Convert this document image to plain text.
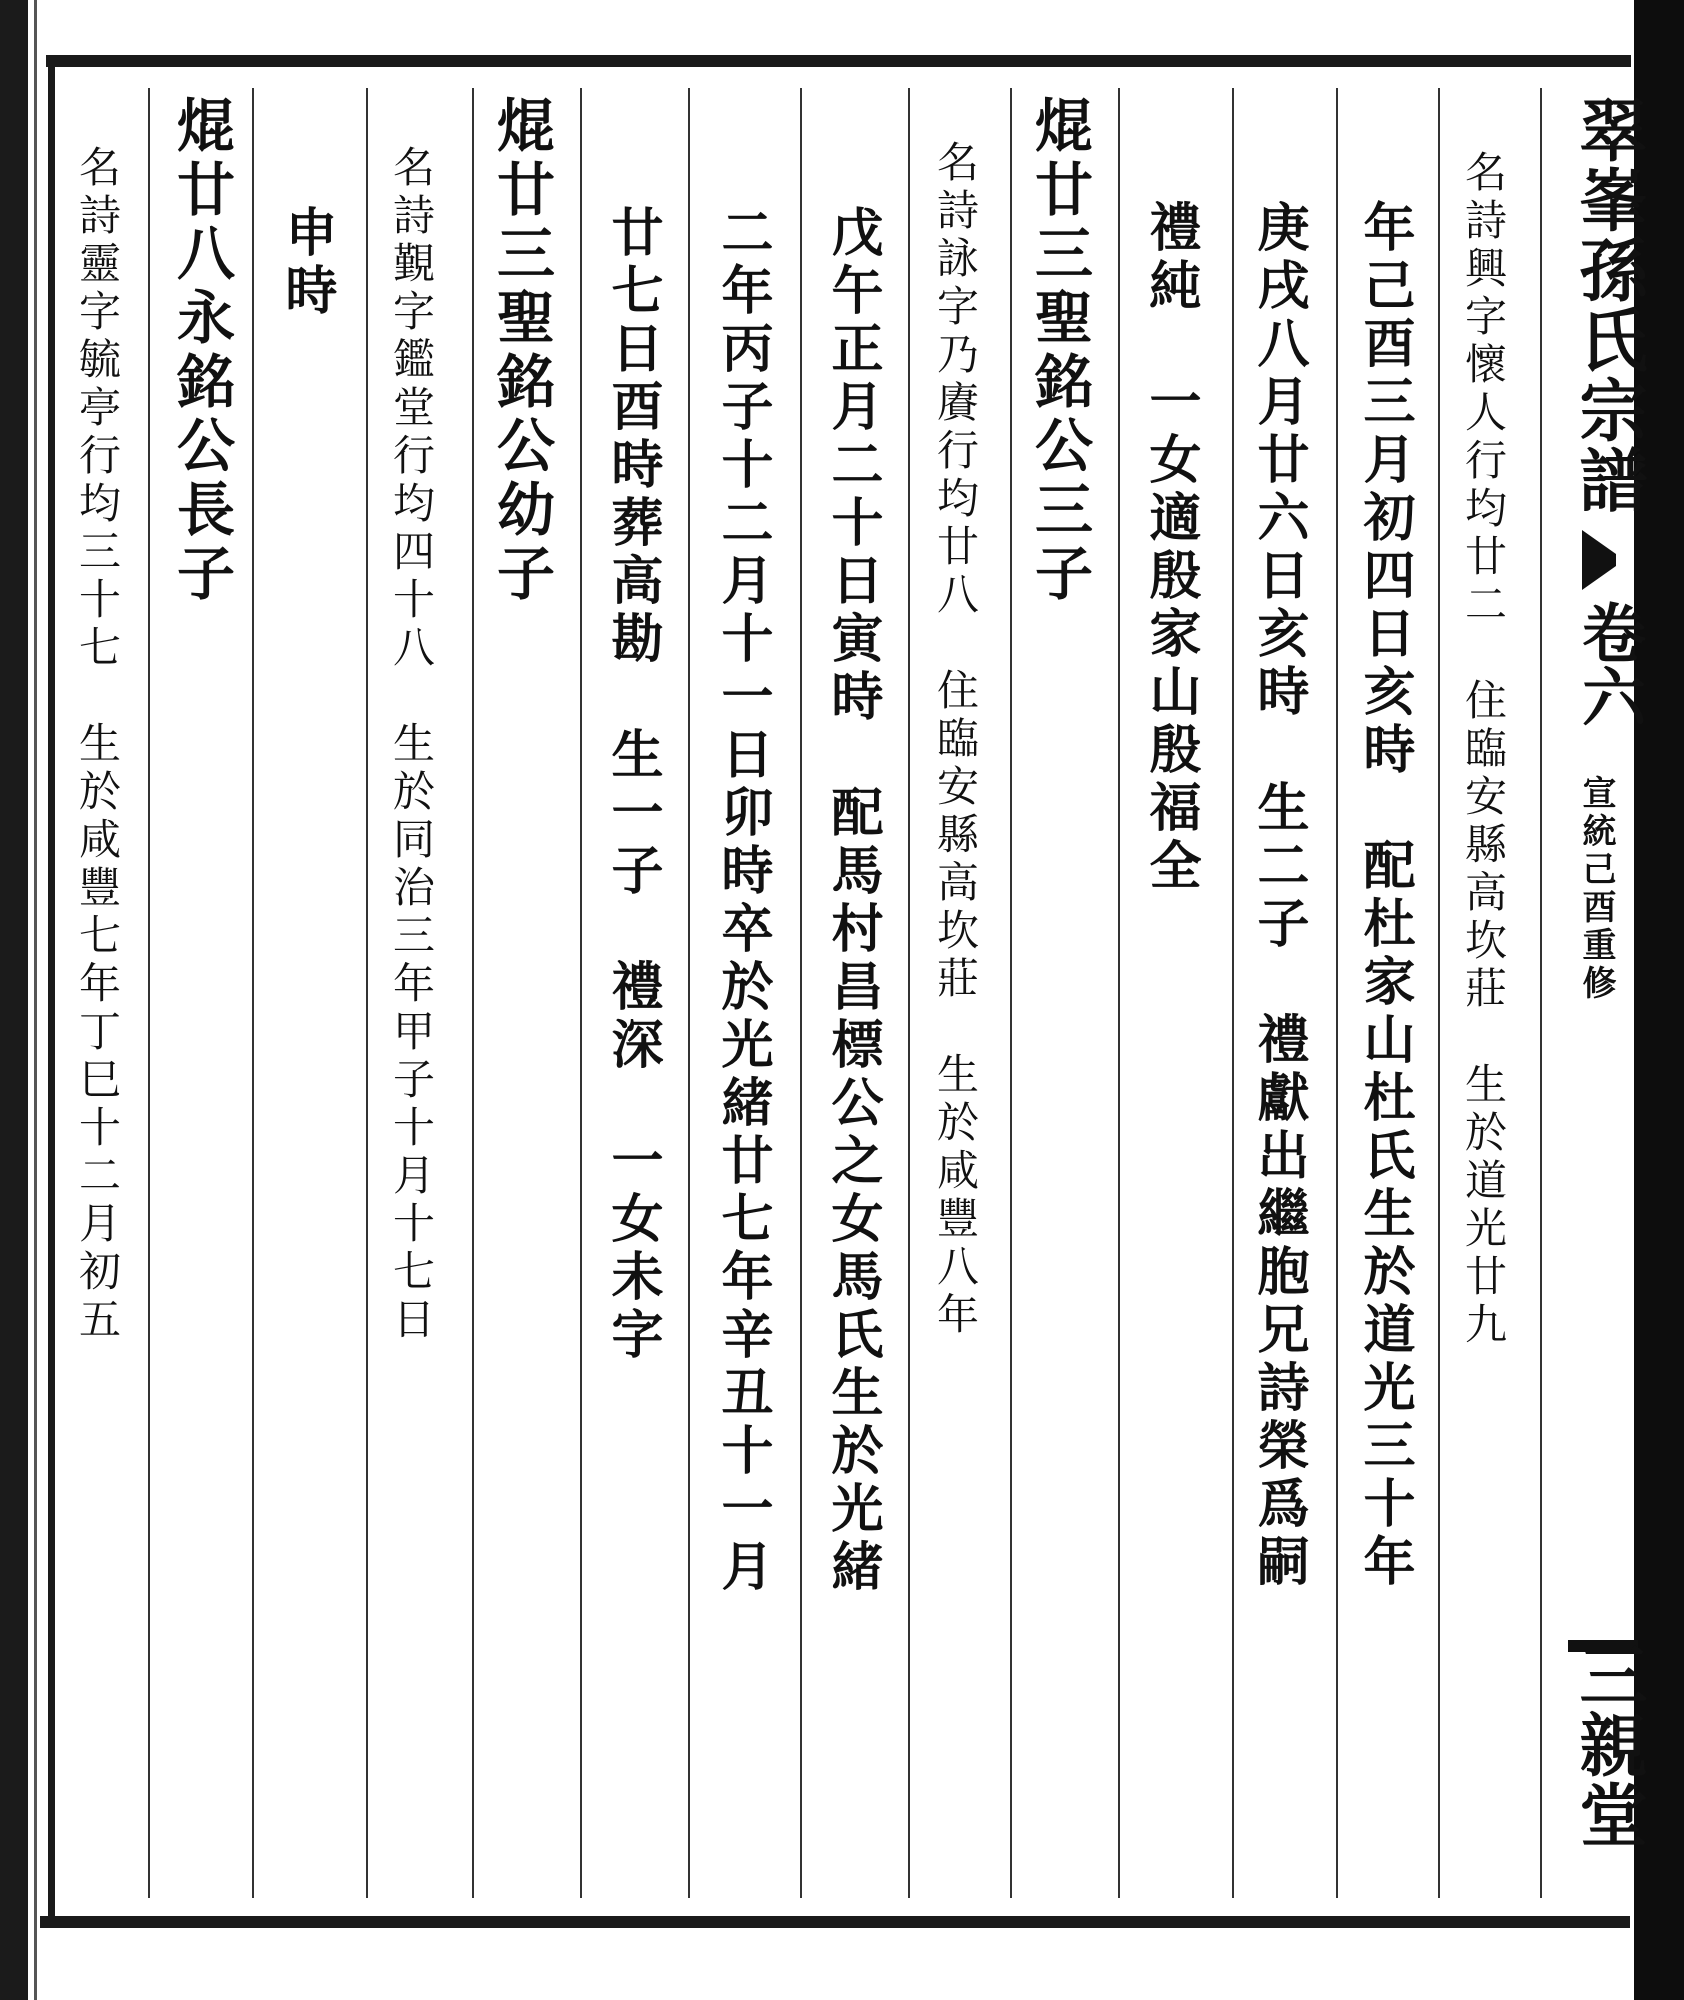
翠峯孫氏宗譜
卷六
宣統己酉重修
三親堂
名詩興字懷人行均廿二　住臨安縣高坎莊　生於道光廿九
年己酉三月初四日亥時　配杜家山杜氏生於道光三十年
庚戌八月廿六日亥時　生二子　禮獻出繼胞兄詩榮爲嗣
禮純　一女適殷家山殷福全
焜廿三聖銘公三子
名詩詠字乃賡行均廿八　住臨安縣高坎莊　生於咸豐八年
戊午正月二十日寅時　配馬村昌標公之女馬氏生於光緒
二年丙子十二月十一日卯時卒於光緒廿七年辛丑十一月
廿七日酉時葬高勘　生一子　禮深　一女未字
焜廿三聖銘公幼子
名詩覲字鑑堂行均四十八　生於同治三年甲子十月十七日
申時
焜廿八永銘公長子
名詩靈字毓亭行均三十七　生於咸豐七年丁巳十二月初五
